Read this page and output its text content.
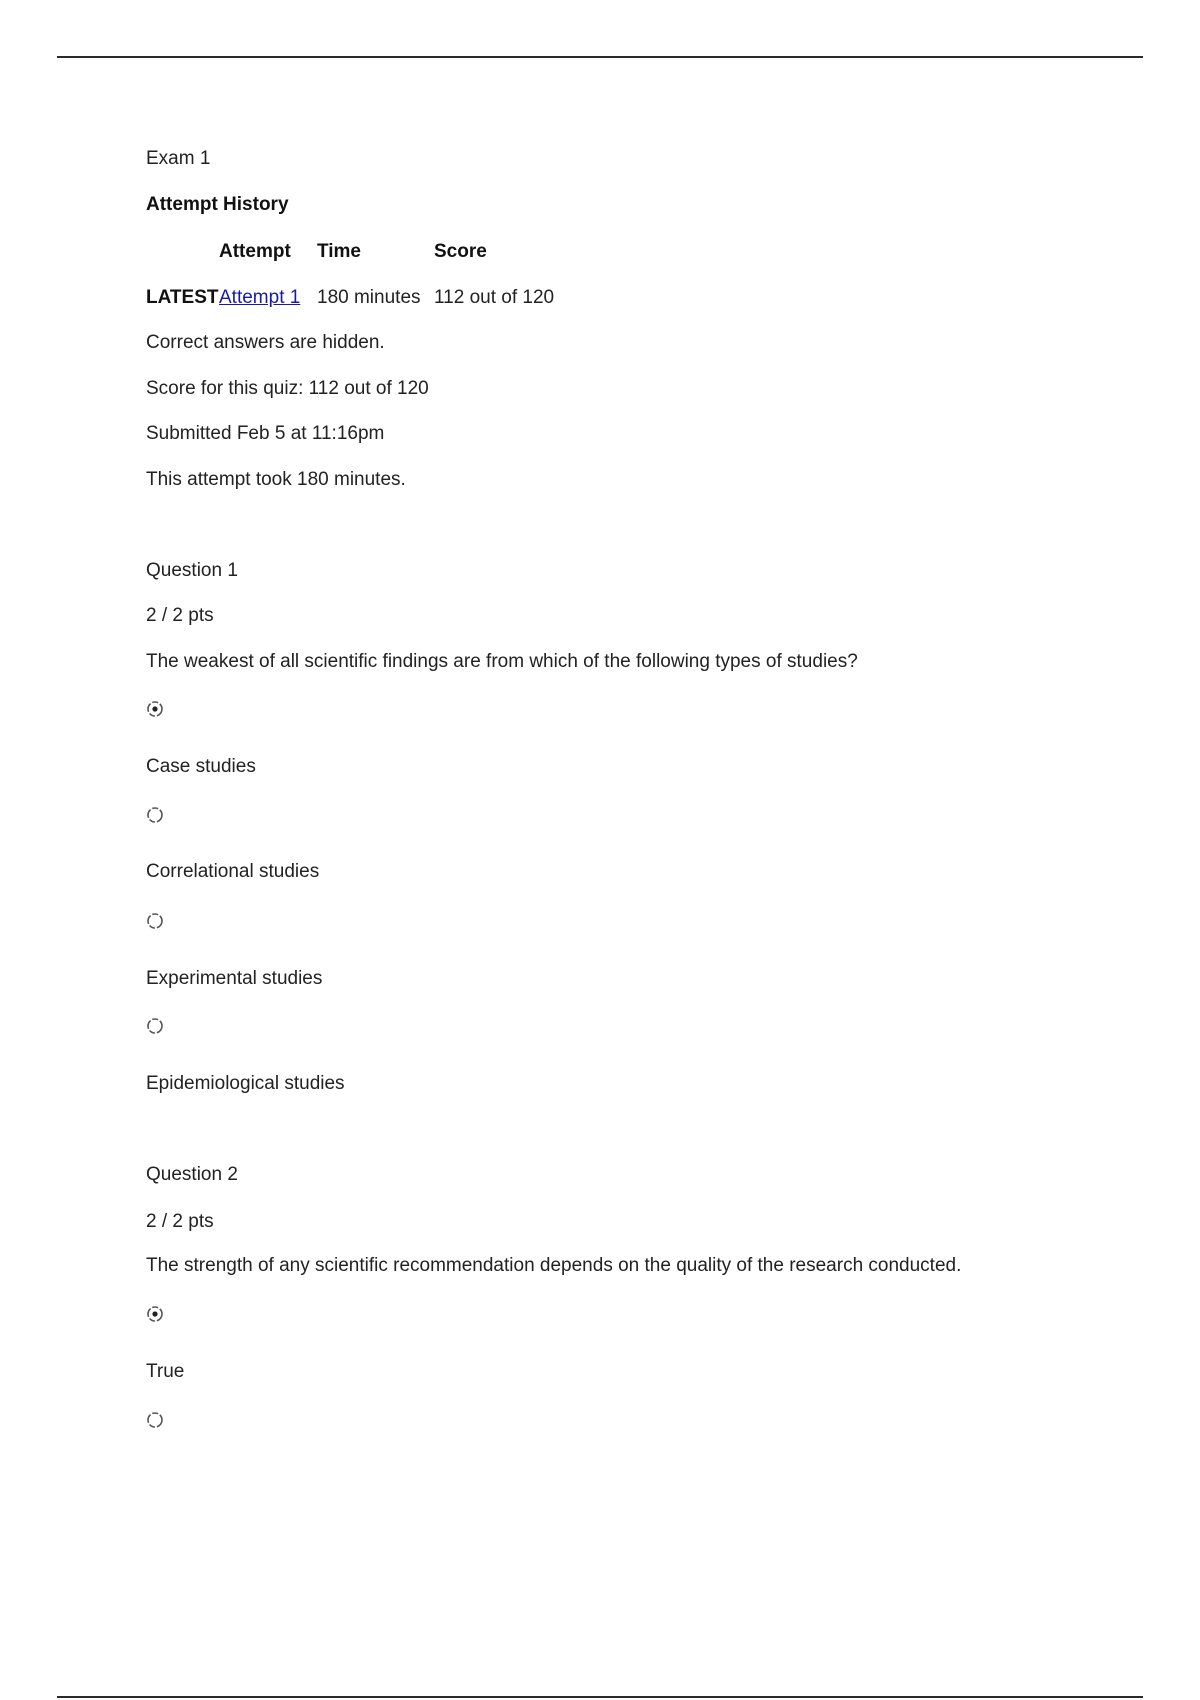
Exam 1
Attempt History
Attempt Time	Score
LATEST Attempt 1 180 minutes 112 out of 120
Correct answers are hidden.
Score for this quiz: 112 out of 120
Submitted Feb 5 at 11:16pm
This attempt took 180 minutes.
Question 1
2 / 2 pts
The weakest of all scientific findings are from which of the following types of studies?
Case studies
Correlational studies
Experimental studies
Epidemiological studies
Question 2
2 / 2 pts
The strength of any scientific recommendation depends on the quality of the research conducted.
True
